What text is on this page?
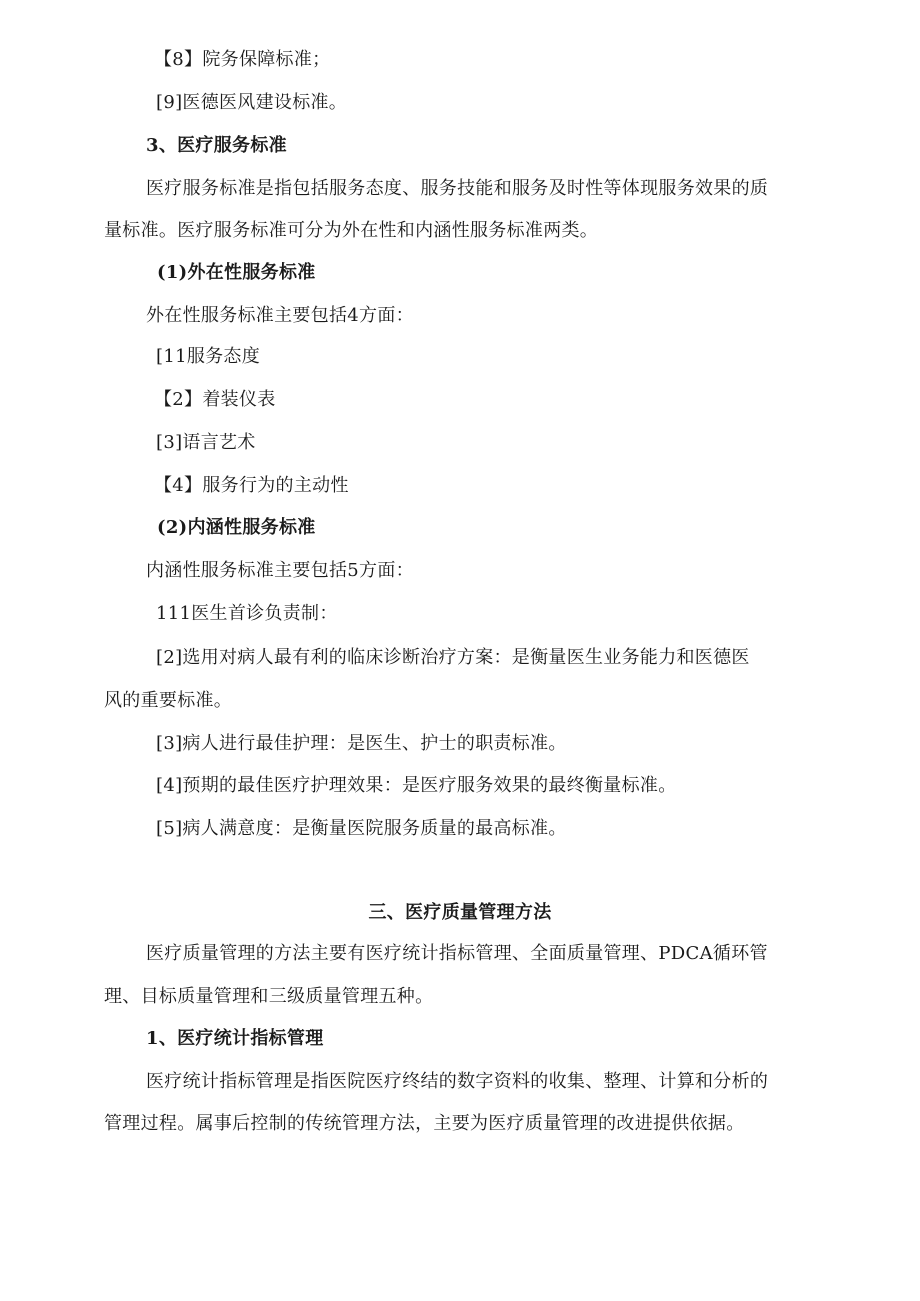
【8】院务保障标准；
[9]医德医风建设标准。
3、医疗服务标准
医疗服务标准是指包括服务态度、服务技能和服务及时性等体现服务效果的质
量标准。医疗服务标准可分为外在性和内涵性服务标准两类。
(1)外在性服务标准
外在性服务标准主要包括4方面：
[11服务态度
【2】着装仪表
[3]语言艺术
【4】服务行为的主动性
(2)内涵性服务标准
内涵性服务标准主要包括5方面：
111医生首诊负责制：
[2]选用对病人最有利的临床诊断治疗方案：是衡量医生业务能力和医德医
风的重要标准。
[3]病人进行最佳护理：是医生、护士的职责标准。
[4]预期的最佳医疗护理效果：是医疗服务效果的最终衡量标准。
[5]病人满意度：是衡量医院服务质量的最高标准。
三、医疗质量管理方法
医疗质量管理的方法主要有医疗统计指标管理、全面质量管理、PDCA循环管
理、目标质量管理和三级质量管理五种。
1、医疗统计指标管理
医疗统计指标管理是指医院医疗终结的数字资料的收集、整理、计算和分析的
管理过程。属事后控制的传统管理方法，主要为医疗质量管理的改进提供依据。
